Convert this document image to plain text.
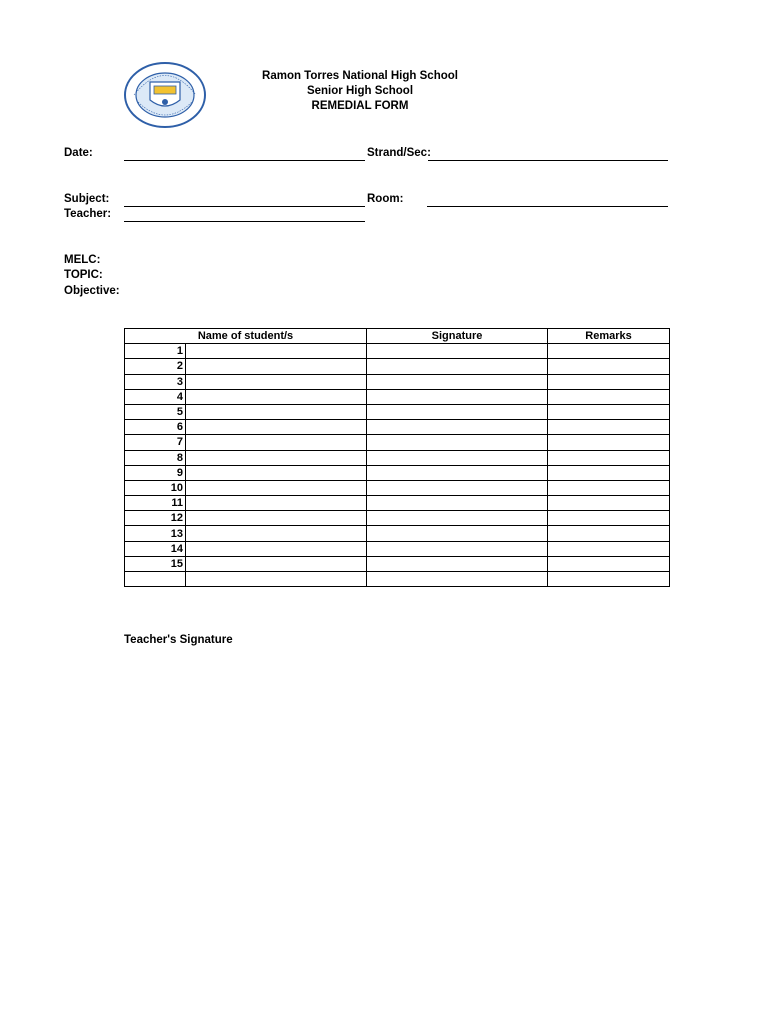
Ramon Torres National High School
Senior High School
REMEDIAL FORM
Date:	Strand/Sec:
Subject:	Room:
Teacher:
MELC:
TOPIC:
Objective:
Name of student/s		Signature	Remarks
1			
2			
3			
4			
5			
6			
7			
8			
9			
10			
11			
12			
13			
14			
15			

Teacher's Signature
